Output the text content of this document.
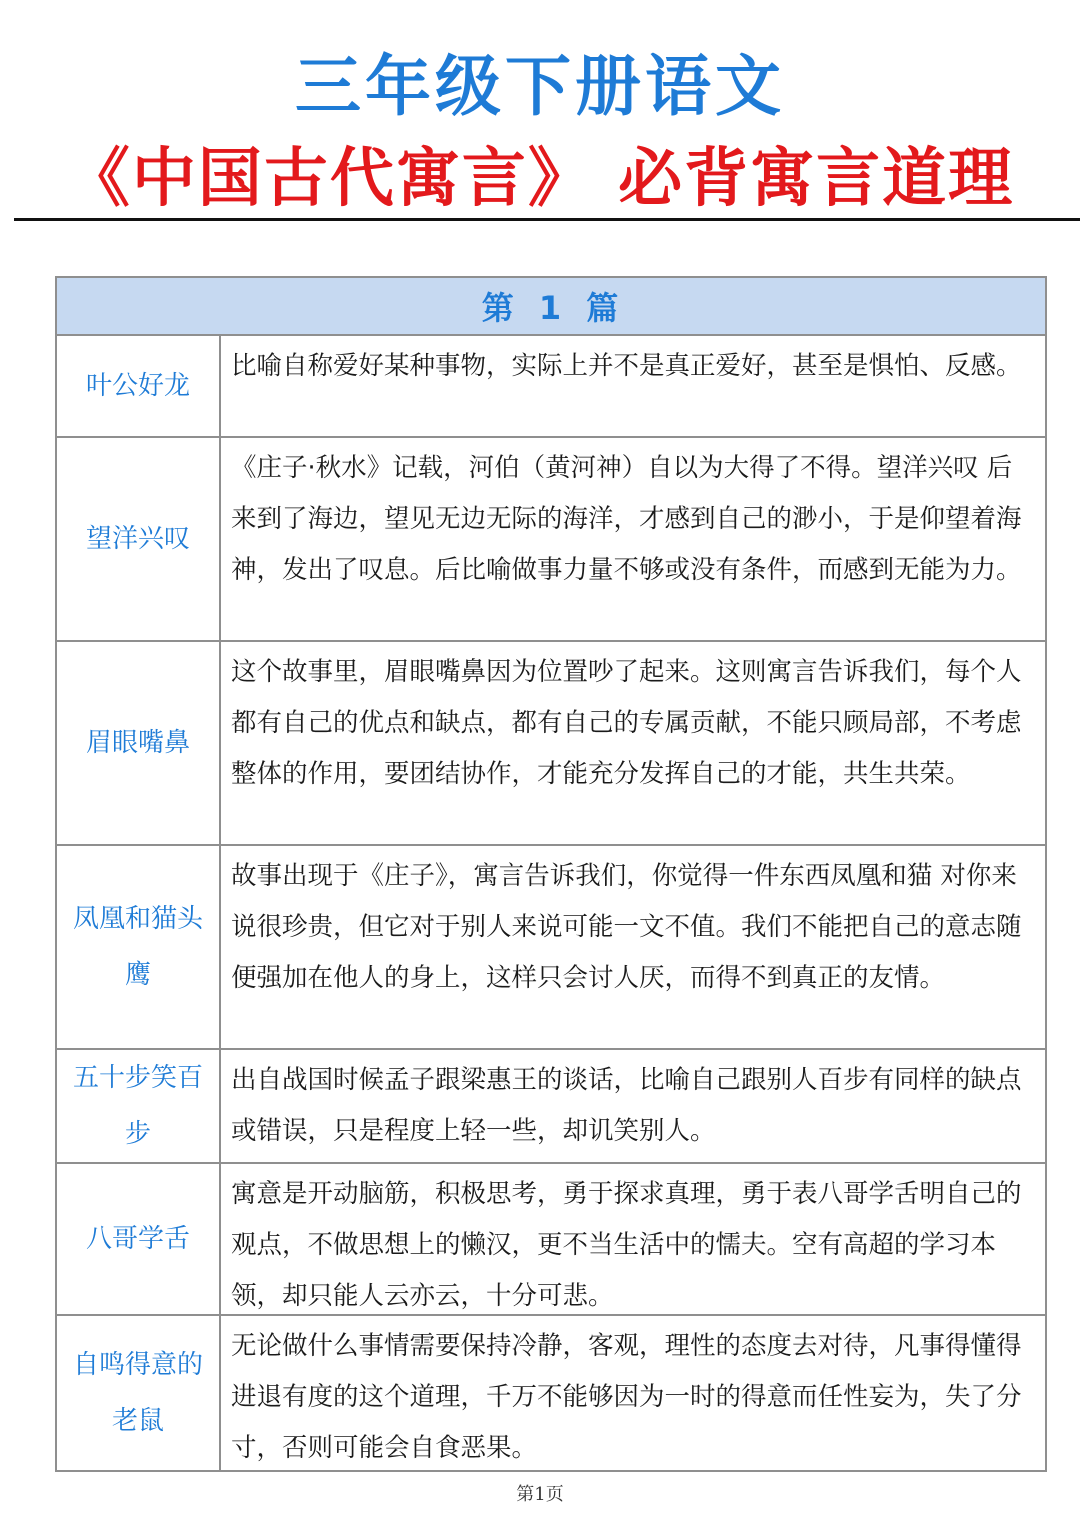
三年级下册语文
《中国古代寓言》 必背寓言道理
第 1 篇
叶公好龙
比喻自称爱好某种事物，实际上并不是真正爱好，甚至是惧怕、反感。
望洋兴叹
《庄子·秋水》记载，河伯（黄河神）自以为大得了不得。望洋兴叹 后来到了海边，望见无边无际的海洋，才感到自己的渺小，于是仰望着海神，发出了叹息。后比喻做事力量不够或没有条件，而感到无能为力。
眉眼嘴鼻
这个故事里，眉眼嘴鼻因为位置吵了起来。这则寓言告诉我们，每个人都有自己的优点和缺点，都有自己的专属贡献，不能只顾局部，不考虑整体的作用，要团结协作，才能充分发挥自己的才能，共生共荣。
凤凰和猫头鹰
故事出现于《庄子》，寓言告诉我们，你觉得一件东西凤凰和猫 对你来说很珍贵，但它对于别人来说可能一文不值。我们不能把自己的意志随便强加在他人的身上，这样只会讨人厌，而得不到真正的友情。
五十步笑百步
出自战国时候孟子跟梁惠王的谈话，比喻自己跟别人百步有同样的缺点或错误，只是程度上轻一些，却讥笑别人。
八哥学舌
寓意是开动脑筋，积极思考，勇于探求真理，勇于表八哥学舌明自己的观点，不做思想上的懒汉，更不当生活中的懦夫。空有高超的学习本领，却只能人云亦云，十分可悲。
自鸣得意的老鼠
无论做什么事情需要保持冷静，客观，理性的态度去对待，凡事得懂得进退有度的这个道理，千万不能够因为一时的得意而任性妄为，失了分寸，否则可能会自食恶果。
第1页
